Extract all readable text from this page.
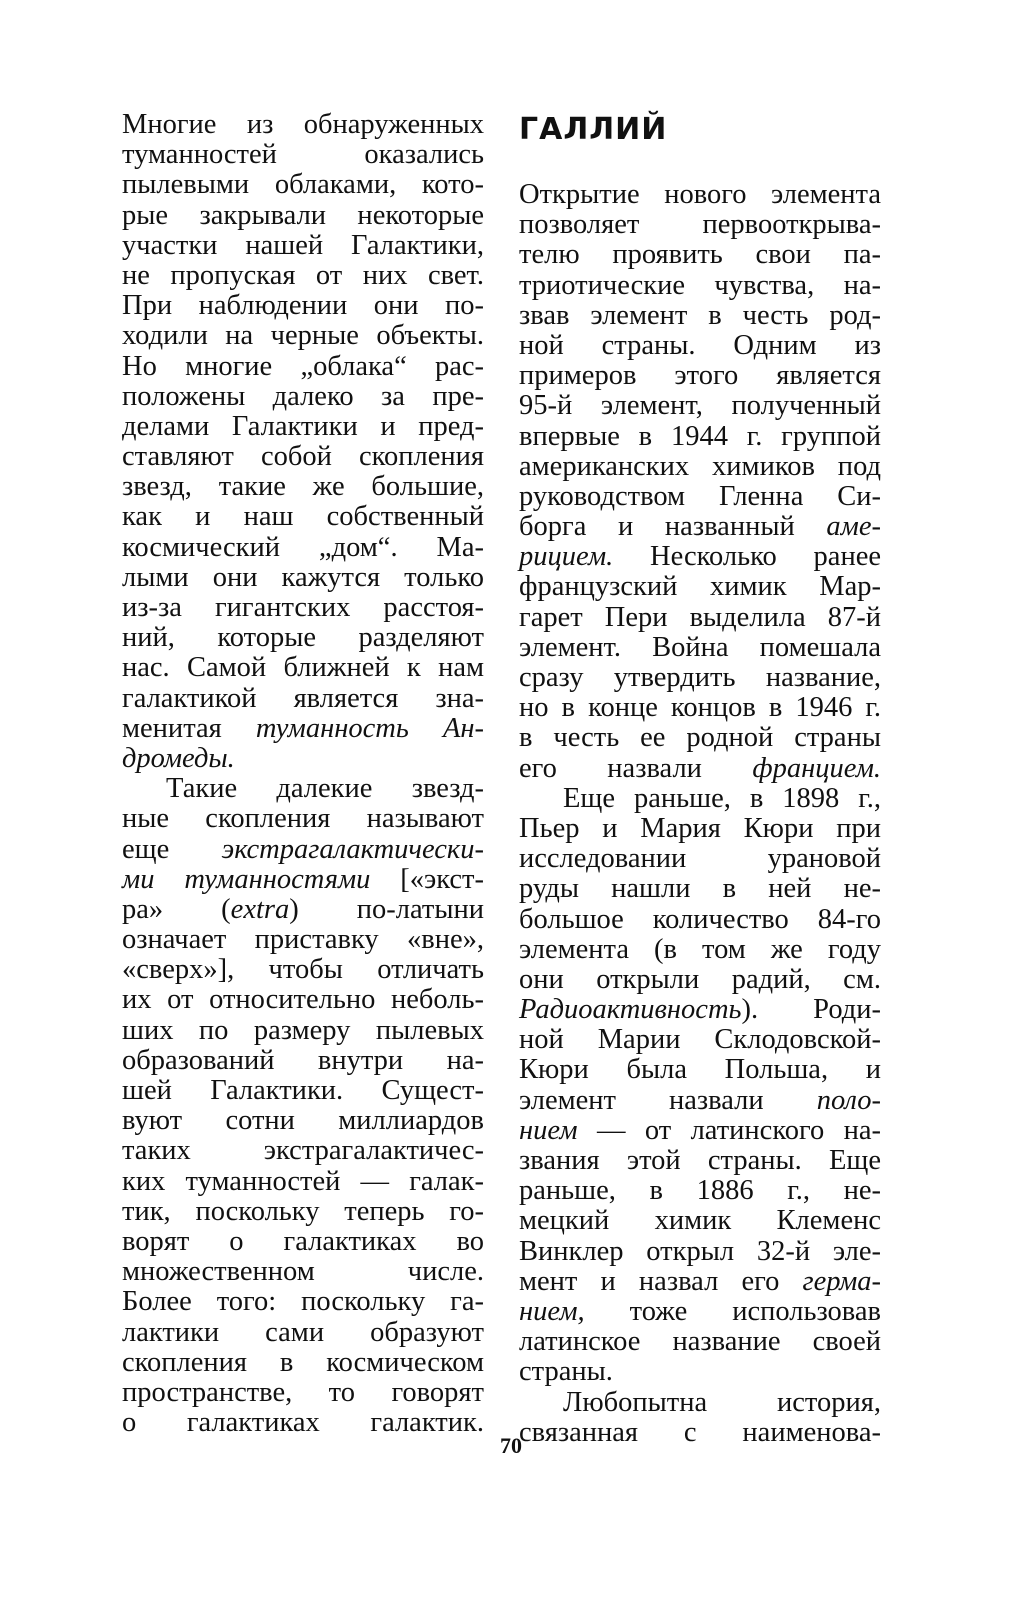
Многие из обнаруженных
туманностей оказались
пылевыми облаками, кото-
рые закрывали некоторые
участки нашей Галактики,
не пропуская от них свет.
При наблюдении они по-
ходили на черные объекты.
Но многие „облака“ рас-
положены далеко за пре-
делами Галактики и пред-
ставляют собой скопления
звезд, такие же большие,
как и наш собственный
космический „дом“. Ма-
лыми они кажутся только
из-за гигантских расстоя-
ний, которые разделяют
нас. Самой ближней к нам
галактикой является зна-
менитая туманность Ан-
дромеды.
Такие далекие звезд-
ные скопления называют
еще экстрагалактически-
ми туманностями [«экст-
ра» (extra) по-латыни
означает приставку «вне»,
«сверх»], чтобы отличать
их от относительно неболь-
ших по размеру пылевых
образований внутри на-
шей Галактики. Сущест-
вуют сотни миллиардов
таких экстрагалактичес-
ких туманностей — галак-
тик, поскольку теперь го-
ворят о галактиках во
множественном числе.
Более того: поскольку га-
лактики сами образуют
скопления в космическом
пространстве, то говорят
о галактиках галактик.
ГАЛЛИЙ
Открытие нового элемента
позволяет первооткрыва-
телю проявить свои па-
триотические чувства, на-
звав элемент в честь род-
ной страны. Одним из
примеров этого является
95-й элемент, полученный
впервые в 1944 г. группой
американских химиков под
руководством Гленна Си-
борга и названный аме-
рицием. Несколько ранее
французский химик Мар-
гарет Пери выделила 87-й
элемент. Война помешала
сразу утвердить название,
но в конце концов в 1946 г.
в честь ее родной страны
его назвали францием.
Еще раньше, в 1898 г.,
Пьер и Мария Кюри при
исследовании урановой
руды нашли в ней не-
большое количество 84-го
элемента (в том же году
они открыли радий, см.
Радиоактивность). Роди-
ной Марии Склодовской-
Кюри была Польша, и
элемент назвали поло-
нием — от латинского на-
звания этой страны. Еще
раньше, в 1886 г., не-
мецкий химик Клеменс
Винклер открыл 32-й эле-
мент и назвал его герма-
нием, тоже использовав
латинское название своей
страны.
Любопытна история,
связанная с наименова-
70
